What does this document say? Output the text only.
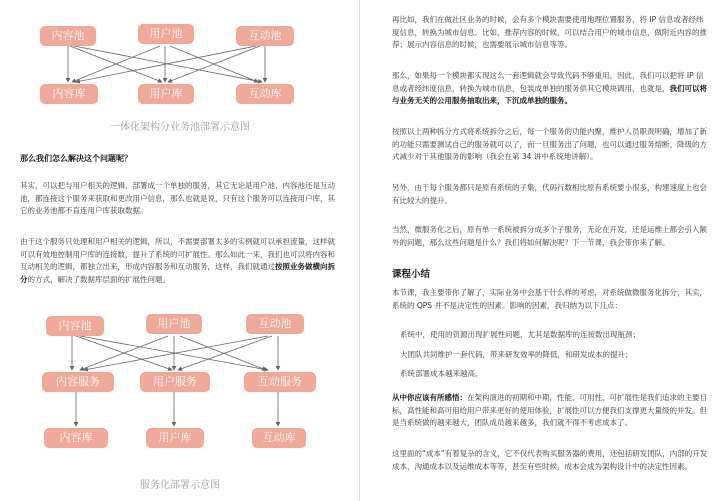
内容池	用户池	互动池
内容库	用户库	互动库
一体化架构分业务池部署示意图
那么我们怎么解决这个问题呢？
其实，可以把与用户相关的逻辑，部署成一个单独的服务，其它无论是用户池、内容池还是互动池，都连接这个服务来获取和更改用户信息，那么也就是说，只有这个服务可以连接用户库，其它的业务池都不直连用户库获取数据。
由于这个服务只处理和用户相关的逻辑，所以，不需要部署太多的实例就可以承担流量，这样就可以有效地控制用户库的连接数，提升了系统的可扩展性。那么如此一来，我们也可以将内容和互动相关的逻辑，都独立出来，形成内容服务和互动服务，这样，我们就通过按照业务做横向拆分的方式，解决了数据库层面的扩展性问题。
内容池	用户池	互动池
内容服务	用户服务	互动服务
内容库	用户库	互动库
服务化部署示意图
再比如，我们在做社区业务的时候，会有多个模块需要使用地理位置服务，将 IP 信息或者经纬度信息，转换为城市信息。比如，推荐内容的时候，可以结合用户的城市信息，做附近内容的推荐；展示内容信息的时候，也需要展示城市信息等等。
那么，如果每一个模块都实现这么一套逻辑就会导致代码不够重用。因此，我们可以把将 IP 信息或者经纬度信息，转换为城市信息，包装成单独的服务供其它模块调用，也就是，我们可以将与业务无关的公用服务抽取出来，下沉成单独的服务。
按照以上两种拆分方式将系统拆分之后，每一个服务的功能内聚，维护人员职责明确，增加了新的功能只需要测试自己的服务就可以了，而一旦服务出了问题，也可以通过服务熔断、降级的方式减少对于其他服务的影响（我会在第 34 讲中系统地讲解）。
另外，由于每个服务都只是原有系统的子集，代码行数相比原有系统要小很多，构建速度上也会有比较大的提升。
当然，微服务化之后，原有单一系统被拆分成多个子服务，无论在开发，还是运维上都会引入额外的问题，那么这些问题是什么？我们将如何解决呢？下一节课，我会带你来了解。
课程小结
本节课，我主要带你了解了，实际业务中会基于什么样的考虑，对系统做微服务化拆分，其实，系统的 QPS 并不是决定性的因素。影响的因素，我归纳为以下几点：
系统中，使用的资源出现扩展性问题，尤其是数据库的连接数出现瓶颈；
大团队共同维护一套代码，带来研发效率的降低，和研发成本的提升；
系统部署成本越来越高。
从中你应该有所感悟：在架构演进的初期和中期，性能、可用性、可扩展性是我们追求的主要目标，高性能和高可用给用户带来更好的使用体验，扩展性可以方便我们支撑更大量级的并发。但是当系统做的越来越大，团队成员越来越多，我们就不得不考虑成本了。
这里面的“成本”有着复杂的含义，它不仅代表购买服务器的费用，还包括研发团队，内部的开发成本，沟通成本以及运维成本等等，甚至有些时候，成本会成为架构设计中的决定性因素。
